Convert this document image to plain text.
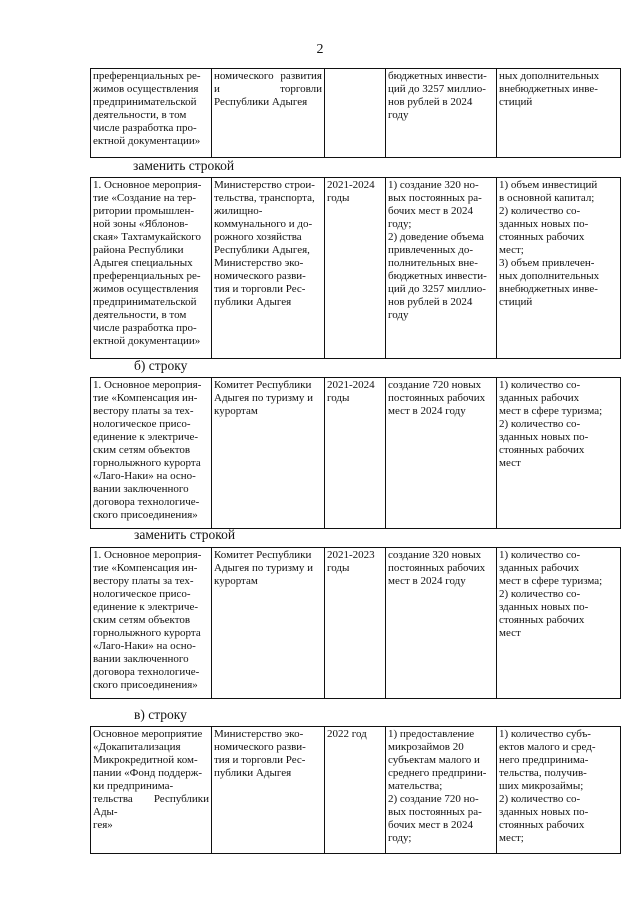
2
преференциальных ре-
жимов осуществления
предпринимательской
деятельности, в том
числе разработка про-
ектной документации»	номического развития и торговли Республики Адыгея		бюджетных инвести-
ций до 3257 миллио-
нов рублей в 2024
году	ных дополнительных
внебюджетных инве-
стиций
заменить строкой
1. Основное мероприя-
тие «Создание на тер-
ритории промышлен-
ной зоны «Яблонов-
ская» Тахтамукайского
района Республики
Адыгея специальных
преференциальных ре-
жимов осуществления
предпринимательской
деятельности, в том
числе разработка про-
ектной документации»	Министерство строи-
тельства, транспорта,
жилищно-
коммунального и до-
рожного хозяйства
Республики Адыгея,
Министерство эко-
номического разви-
тия и торговли Рес-
публики Адыгея	2021-2024
годы	1) создание 320 но-
вых постоянных ра-
бочих мест в 2024
году;
2) доведение объема
привлеченных до-
полнительных вне-
бюджетных инвести-
ций до 3257 миллио-
нов рублей в 2024
году	1) объем инвестиций
в основной капитал;
2) количество со-
зданных новых по-
стоянных рабочих
мест;
3) объем привлечен-
ных дополнительных
внебюджетных инве-
стиций
б) строку
1. Основное мероприя-
тие «Компенсация ин-
вестору платы за тех-
нологическое присо-
единение к электриче-
ским сетям объектов
горнолыжного курорта
«Лаго-Наки» на осно-
вании заключенного
договора технологиче-
ского присоединения»	Комитет Республики
Адыгея по туризму и
курортам	2021-2024
годы	создание 720 новых
постоянных рабочих
мест в 2024 году	1) количество со-
зданных рабочих
мест в сфере туризма;
2) количество со-
зданных новых по-
стоянных рабочих
мест
заменить строкой
1. Основное мероприя-
тие «Компенсация ин-
вестору платы за тех-
нологическое присо-
единение к электриче-
ским сетям объектов
горнолыжного курорта
«Лаго-Наки» на осно-
вании заключенного
договора технологиче-
ского присоединения»	Комитет Республики
Адыгея по туризму и
курортам	2021-2023
годы	создание 320 новых
постоянных рабочих
мест в 2024 году	1) количество со-
зданных рабочих
мест в сфере туризма;
2) количество со-
зданных новых по-
стоянных рабочих
мест
в) строку
Основное мероприятие
«Докапитализация
Микрокредитной ком-
пании «Фонд поддерж-
ки предпринима-
тельства Республики Ады-
гея»	Министерство эко-
номического разви-
тия и торговли Рес-
публики Адыгея	2022 год	1) предоставление
микрозаймов 20
субъектам малого и
среднего предприни-
мательства;
2) создание 720 но-
вых постоянных ра-
бочих мест в 2024
году;	1) количество субъ-
ектов малого и сред-
него предпринима-
тельства, получив-
ших микрозаймы;
2) количество со-
зданных новых по-
стоянных рабочих
мест;
